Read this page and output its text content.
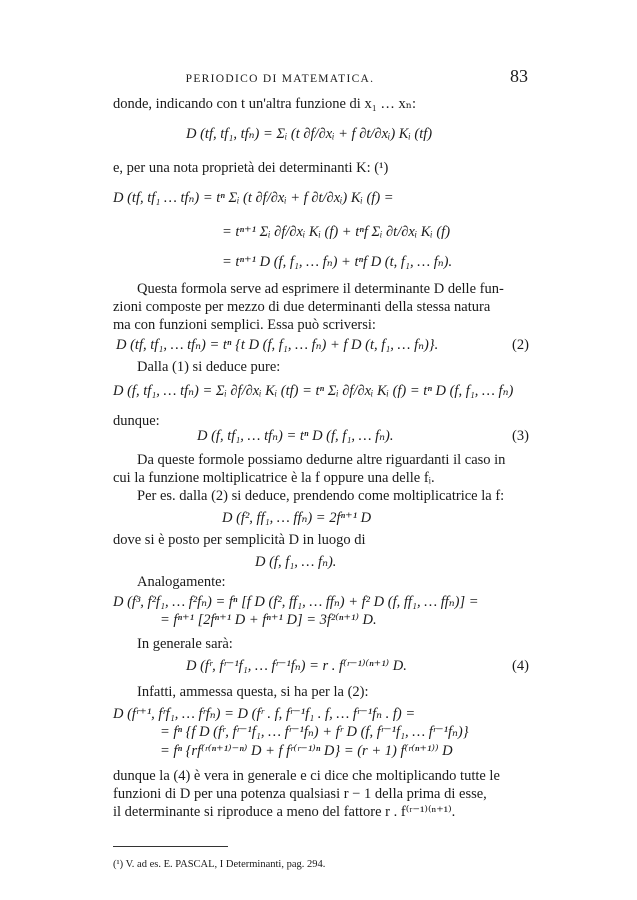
PERIODICO DI MATEMATICA.	83
donde, indicando con t un'altra funzione di x₁ … xₙ:
D (tf, tf₁, tfₙ) = Σᵢ (t ∂f/∂xᵢ + f ∂t/∂xᵢ) Kᵢ (tf)
e, per una nota proprietà dei determinanti K: (¹)
D (tf, tf₁ … tfₙ) = tⁿ Σᵢ (t ∂f/∂xᵢ + f ∂t/∂xᵢ) Kᵢ (f) =
= tⁿ⁺¹ Σᵢ ∂f/∂xᵢ Kᵢ (f) + tⁿf Σᵢ ∂t/∂xᵢ Kᵢ (f)
= tⁿ⁺¹ D (f, f₁, … fₙ) + tⁿf D (t, f₁, … fₙ).
Questa formola serve ad esprimere il determinante D delle fun-
zioni composte per mezzo di due determinanti della stessa natura
ma con funzioni semplici. Essa può scriversi:
D (tf, tf₁, … tfₙ) = tⁿ {t D (f, f₁, … fₙ) + f D (t, f₁, … fₙ)}.	(2)
Dalla (1) si deduce pure:
D (f, tf₁, … tfₙ) = Σᵢ ∂f/∂xᵢ Kᵢ (tf) = tⁿ Σᵢ ∂f/∂xᵢ Kᵢ (f) = tⁿ D (f, f₁, … fₙ)
dunque:
D (f, tf₁, … tfₙ) = tⁿ D (f, f₁, … fₙ).	(3)
Da queste formole possiamo dedurne altre riguardanti il caso in
cui la funzione moltiplicatrice è la f oppure una delle fᵢ.
Per es. dalla (2) si deduce, prendendo come moltiplicatrice la f:
D (f², ff₁, … ffₙ) = 2fⁿ⁺¹ D
dove si è posto per semplicità D in luogo di
D (f, f₁, … fₙ).
Analogamente:
D (f³, f²f₁, … f²fₙ) = fⁿ [f D (f², ff₁, … ffₙ) + f² D (f, ff₁, … ffₙ)] =
= fⁿ⁺¹ [2fⁿ⁺¹ D + fⁿ⁺¹ D] = 3f²⁽ⁿ⁺¹⁾ D.
In generale sarà:
D (fʳ, fʳ⁻¹f₁, … fʳ⁻¹fₙ) = r . f⁽ʳ⁻¹⁾⁽ⁿ⁺¹⁾ D.	(4)
Infatti, ammessa questa, si ha per la (2):
D (fʳ⁺¹, fʳf₁, … fʳfₙ) = D (fʳ . f, fʳ⁻¹f₁ . f, … fʳ⁻¹fₙ . f) =
= fⁿ {f D (fʳ, fʳ⁻¹f₁, … fʳ⁻¹fₙ) + fʳ D (f, fʳ⁻¹f₁, … fʳ⁻¹fₙ)}
= fⁿ {rf⁽ʳ⁽ⁿ⁺¹⁾⁻ⁿ⁾ D + f fʳ⁽ʳ⁻¹⁾ⁿ D} = (r + 1) f⁽ʳ⁽ⁿ⁺¹⁾⁾ D
dunque la (4) è vera in generale e ci dice che moltiplicando tutte le
funzioni di D per una potenza qualsiasi r − 1 della prima di esse,
il determinante si riproduce a meno del fattore r . f⁽ʳ⁻¹⁾⁽ⁿ⁺¹⁾.
(¹) V. ad es. E. PASCAL, I Determinanti, pag. 294.
